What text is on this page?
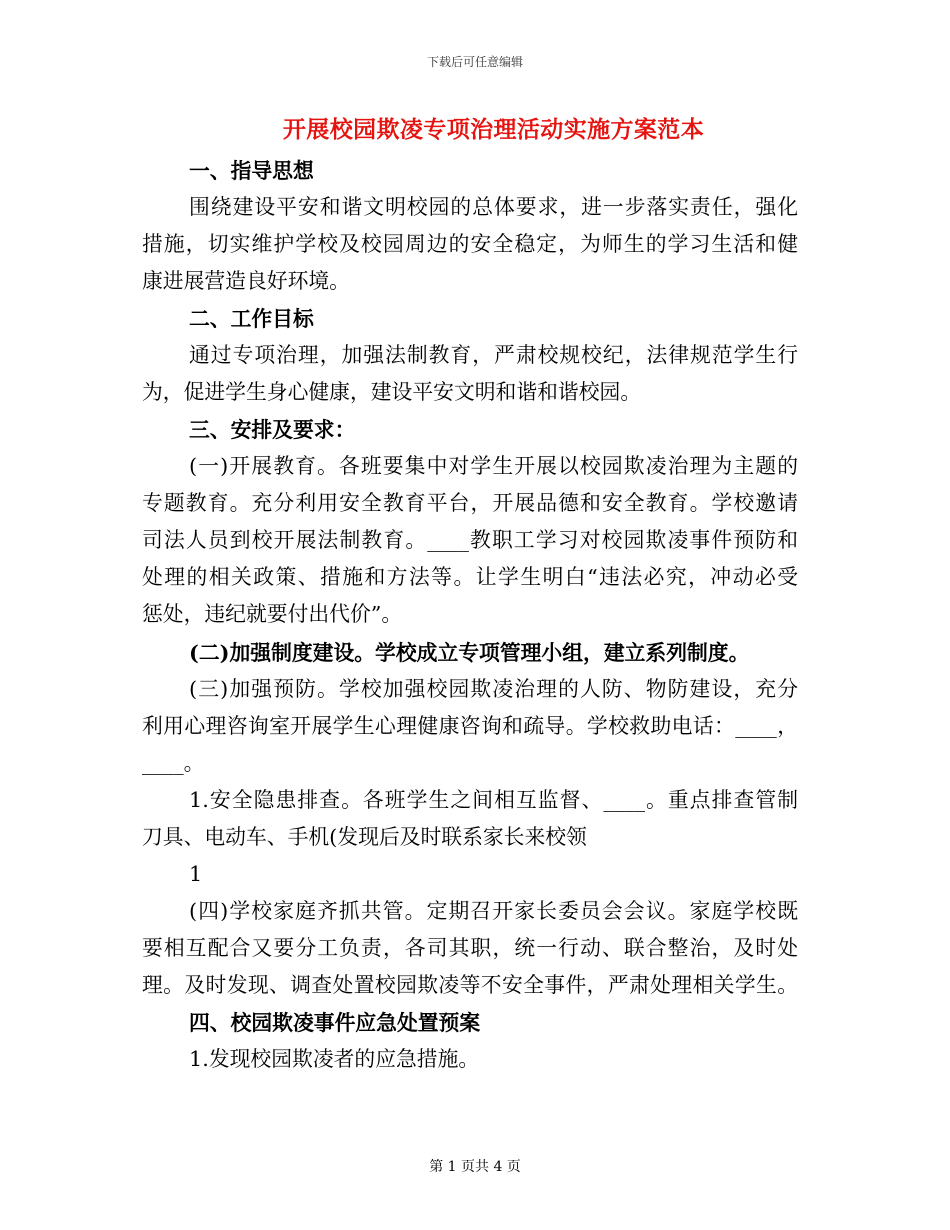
下载后可任意编辑
开展校园欺凌专项治理活动实施方案范本
一、指导思想
围绕建设平安和谐文明校园的总体要求，进一步落实责任，强化
措施，切实维护学校及校园周边的安全稳定，为师生的学习生活和健
康进展营造良好环境。
二、工作目标
通过专项治理，加强法制教育，严肃校规校纪，法律规范学生行
为，促进学生身心健康，建设平安文明和谐和谐校园。
三、安排及要求：
(一)开展教育。各班要集中对学生开展以校园欺凌治理为主题的
专题教育。充分利用安全教育平台，开展品德和安全教育。学校邀请
司法人员到校开展法制教育。____教职工学习对校园欺凌事件预防和
处理的相关政策、措施和方法等。让学生明白“违法必究，冲动必受
惩处，违纪就要付出代价”。
(二)加强制度建设。学校成立专项管理小组，建立系列制度。
(三)加强预防。学校加强校园欺凌治理的人防、物防建设，充分
利用心理咨询室开展学生心理健康咨询和疏导。学校救助电话：____，
____。
1.安全隐患排查。各班学生之间相互监督、____。重点排查管制
刀具、电动车、手机(发现后及时联系家长来校领
1
(四)学校家庭齐抓共管。定期召开家长委员会会议。家庭学校既
要相互配合又要分工负责，各司其职，统一行动、联合整治，及时处
理。及时发现、调查处置校园欺凌等不安全事件，严肃处理相关学生。
四、校园欺凌事件应急处置预案
1.发现校园欺凌者的应急措施。
第 1 页共 4 页
